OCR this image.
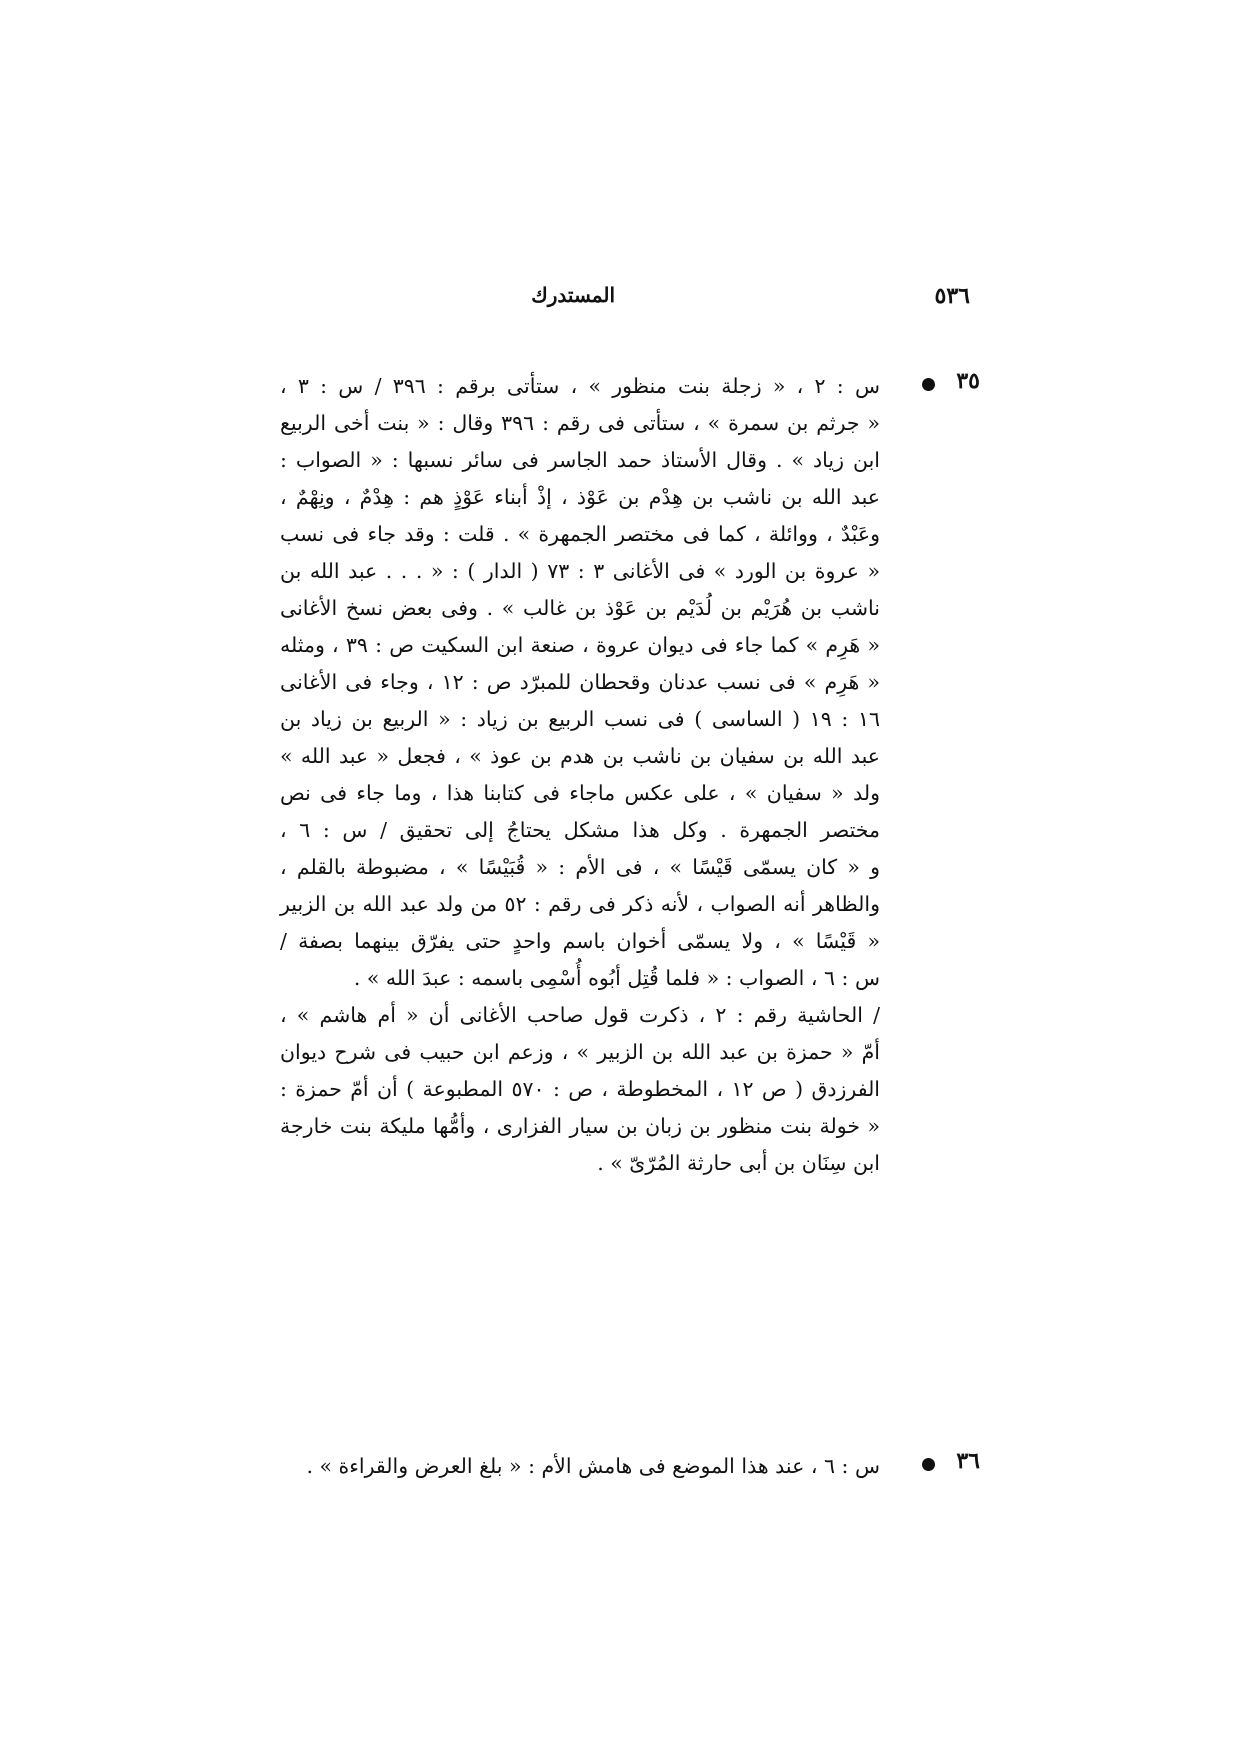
٥٣٦
المستدرك
٣٥
س : ٢ ، « زجلة بنت منظور » ، ستأتى برقم : ٣٩٦ / س : ٣ ،
« جرثم بن سمرة » ، ستأتى فى رقم : ٣٩٦ وقال : « بنت أخى الربيع
ابن زياد » . وقال الأستاذ حمد الجاسر فى سائر نسبها : « الصواب :
عبد الله بن ناشب بن هِدْم بن عَوْذ ، إذْ أبناء عَوْذٍ هم : هِدْمٌ ، ونِهْمٌ ،
وعَبْدٌ ، ووائلة ، كما فى مختصر الجمهرة » . قلت : وقد جاء فى نسب
« عروة بن الورد » فى الأغانى ٣ : ٧٣ ( الدار ) : « . . . عبد الله بن
ناشب بن هُرَيْم بن لُدَيْم بن عَوْذ بن غالب » . وفى بعض نسخ الأغانى
« هَرِم » كما جاء فى ديوان عروة ، صنعة ابن السكيت ص : ٣٩ ، ومثله
« هَرِم » فى نسب عدنان وقحطان للمبرّد ص : ١٢ ، وجاء فى الأغانى
١٦ : ١٩ ( الساسى ) فى نسب الربيع بن زياد : « الربيع بن زياد بن
عبد الله بن سفيان بن ناشب بن هدم بن عوذ » ، فجعل « عبد الله »
ولد « سفيان » ، على عكس ماجاء فى كتابنا هذا ، وما جاء فى نص
مختصر الجمهرة . وكل هذا مشكل يحتاجُ إلى تحقيق / س : ٦ ،
و « كان يسمّى قَيْسًا » ، فى الأم : « قُبَيْسًا » ، مضبوطة بالقلم ،
والظاهر أنه الصواب ، لأنه ذكر فى رقم : ٥٢ من ولد عبد الله بن الزبير
« قَيْسًا » ، ولا يسمّى أخوان باسم واحدٍ حتى يفرّق بينهما بصفة /
س : ٦ ، الصواب : « فلما قُتِل أبُوه أُسْمِى باسمه : عبدَ الله » .
/ الحاشية رقم : ٢ ، ذكرت قول صاحب الأغانى أن « أم هاشم » ،
أمّ « حمزة بن عبد الله بن الزبير » ، وزعم ابن حبيب فى شرح ديوان
الفرزدق ( ص ١٢ ، المخطوطة ، ص : ٥٧٠ المطبوعة ) أن أمّ حمزة :
« خولة بنت منظور بن زبان بن سيار الفزارى ، وأمُّها مليكة بنت خارجة
ابن سِنَان بن أبى حارثة المُرّىّ » .
٣٦
س : ٦ ، عند هذا الموضع فى هامش الأم : « بلغ العرض والقراءة » .
